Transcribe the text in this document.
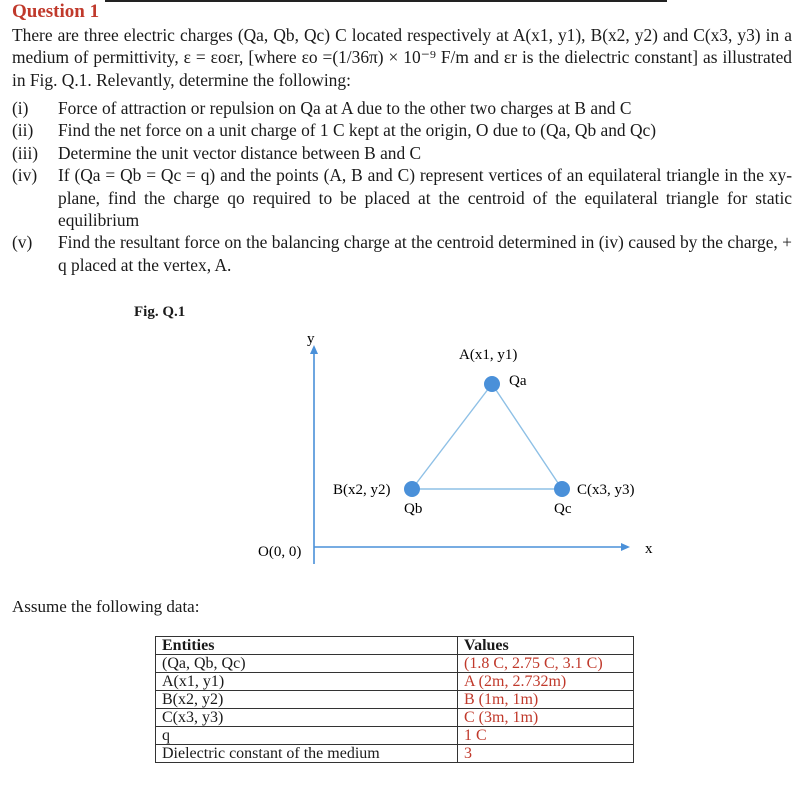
Question 1
There are three electric charges (Qa, Qb, Qc) C located respectively at A(x1, y1), B(x2, y2) and C(x3, y3) in a medium of permittivity, ε = εoεr, [where εo =(1/36π) × 10⁻⁹ F/m and εr is the dielectric constant] as illustrated in Fig. Q.1. Relevantly, determine the following:
(i)	Force of attraction or repulsion on Qa at A due to the other two charges at B and C
(ii)	Find the net force on a unit charge of 1 C kept at the origin, O due to (Qa, Qb and Qc)
(iii)	Determine the unit vector distance between B and C
(iv)	If (Qa = Qb = Qc = q) and the points (A, B and C) represent vertices of an equilateral triangle in the xy-plane, find the charge qo required to be placed at the centroid of the equilateral triangle for static equilibrium
(v)	Find the resultant force on the balancing charge at the centroid determined in (iv) caused by the charge, + q placed at the vertex, A.
Fig. Q.1
y
x
O(0, 0)
A(x1, y1)
Qa
B(x2, y2)
Qb
C(x3, y3)
Qc
Assume the following data:
Entities	Values
(Qa, Qb, Qc)	(1.8 C, 2.75 C, 3.1 C)
A(x1, y1)	A (2m, 2.732m)
B(x2, y2)	B (1m, 1m)
C(x3, y3)	C (3m, 1m)
q	1 C
Dielectric constant of the medium	3
